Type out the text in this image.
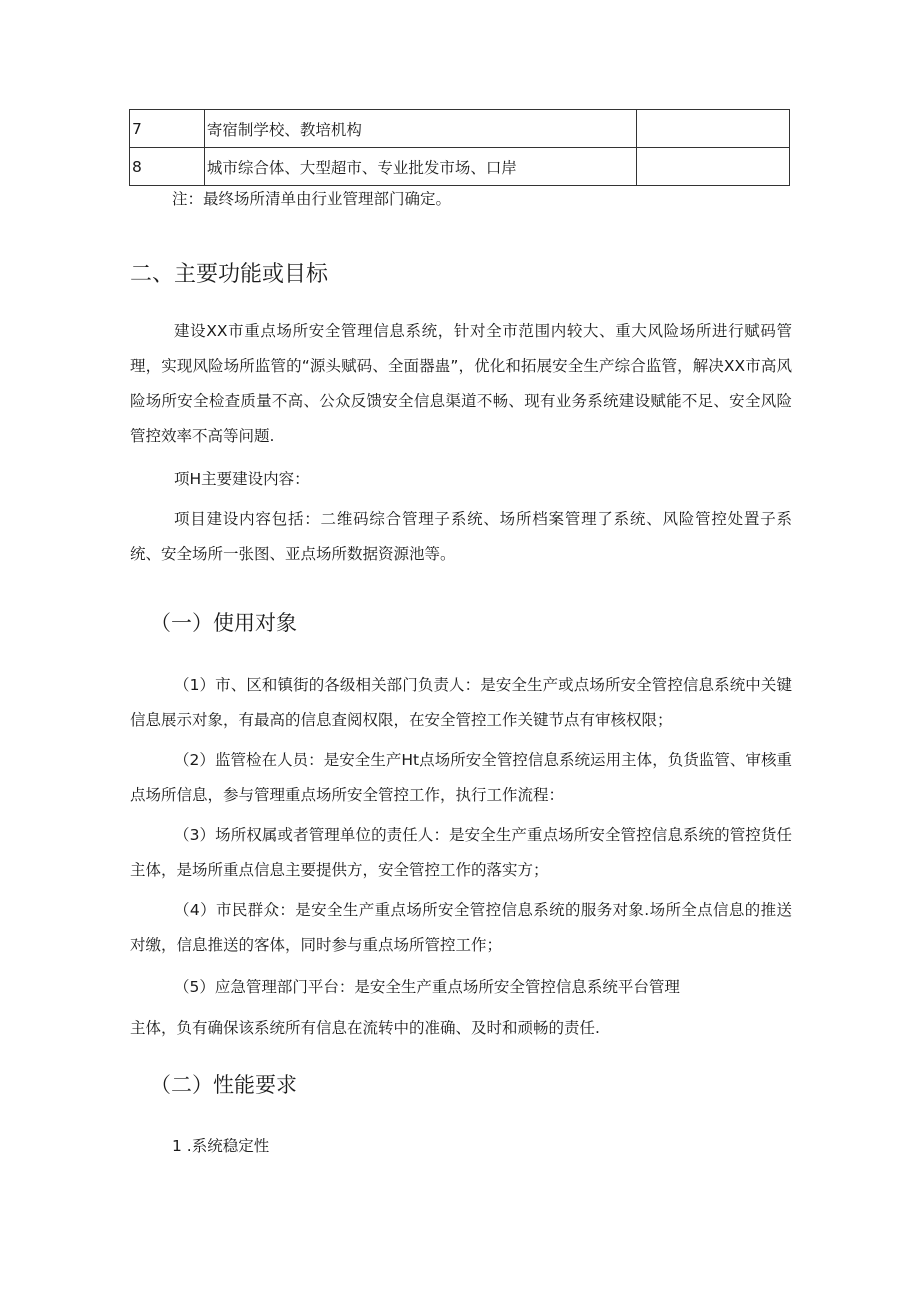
7	寄宿制学校、教培机构	
8	城市综合体、大型超市、专业批发市场、口岸	
注：最终场所清单由行业管理部门确定。
二、主要功能或目标

建设XX市重点场所安全管理信息系统，针对全市范围内较大、重大风险场所进行赋码管理，实现风险场所监管的“源头赋码、全面器蛊”，优化和拓展安全生产综合监管，解决XX市高风险场所安全检查质量不高、公众反馈安全信息渠道不畅、现有业务系统建设赋能不足、安全风险管控效率不高等问题.

项H主要建设内容：

项目建设内容包括：二维码综合管理子系统、场所档案管理了系统、风险管控处置子系统、安全场所一张图、亚点场所数据资源池等。

（一）使用对象

（1）市、区和镇街的各级相关部门负责人：是安全生产或点场所安全管控信息系统中关键信息展示对象，有最高的信息査阅权限，在安全管控工作关键节点有审核权限；

（2）监管检在人员：是安全生产Ht点场所安全管控信息系统运用主体，负货监管、审核重点场所信息，参与管理重点场所安全管控工作，执行工作流程：

（3）场所权属或者管理单位的责任人：是安全生产重点场所安全管控信息系统的管控货任主体，是场所重点信息主要提供方，安全管控工作的落实方；

（4）市民群众：是安全生产重点场所安全管控信息系统的服务对象.场所全点信息的推送对缴，信息推送的客体，同时参与重点场所管控工作；

（5）应急管理部门平台：是安全生产重点场所安全管控信息系统平台管理
主体，负有确保该系统所有信息在流转中的准确、及时和顽畅的责任.
（二）性能要求
1 .系统稳定性
